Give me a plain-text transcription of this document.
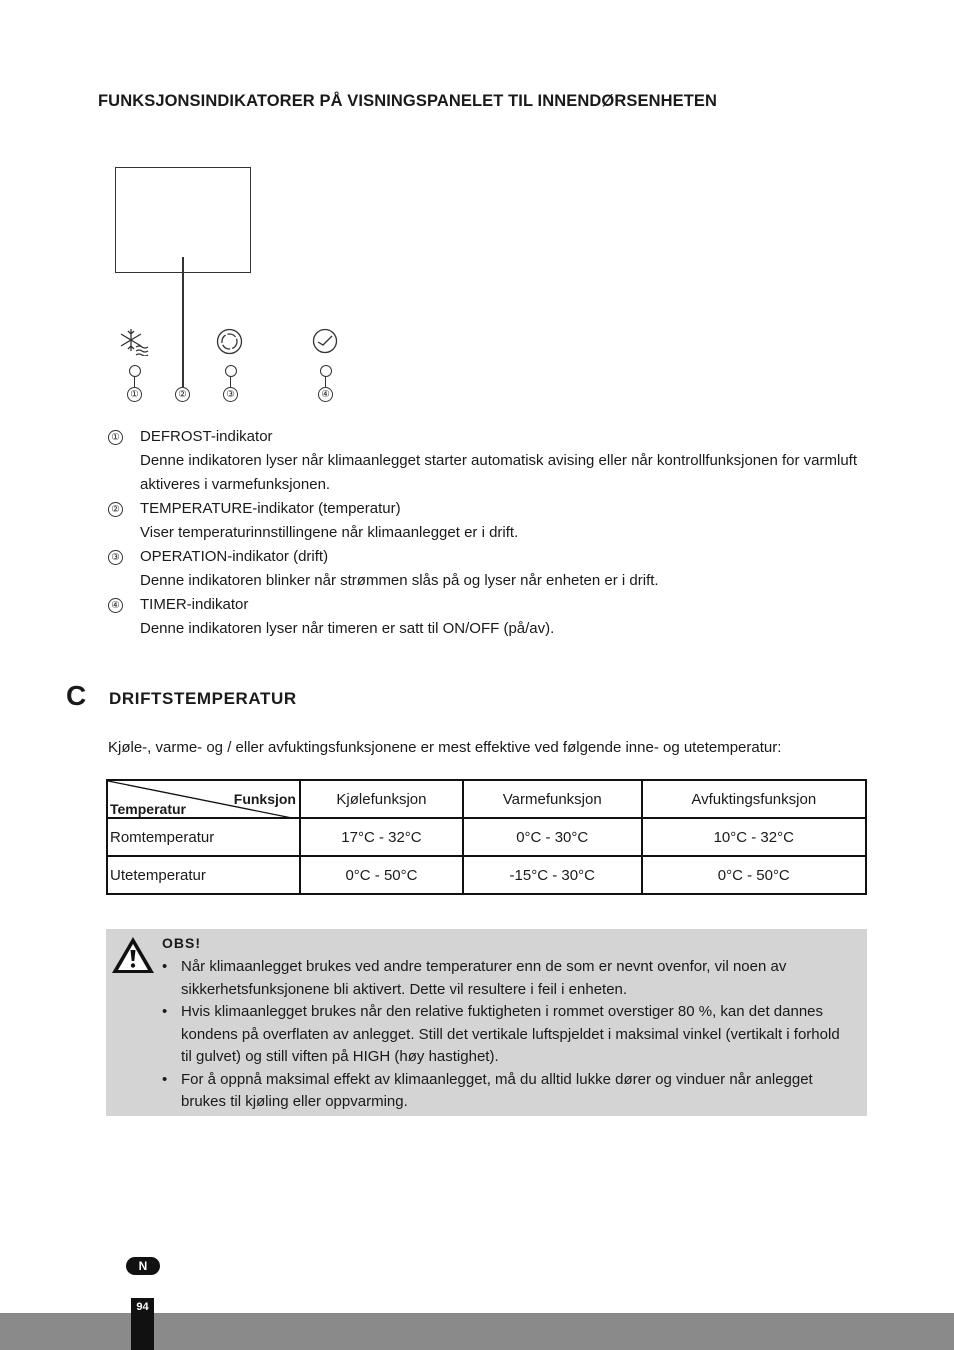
FUNKSJONSINDIKATORER PÅ VISNINGSPANELET TIL INNENDØRSENHETEN
①	②	③	④
① DEFROST-indikator
Denne indikatoren lyser når klimaanlegget starter automatisk avising eller når kontrollfunksjonen for varmluft aktiveres i varmefunksjonen.
② TEMPERATURE-indikator (temperatur)
Viser temperaturinnstillingene når klimaanlegget er i drift.
③ OPERATION-indikator (drift)
Denne indikatoren blinker når strømmen slås på og lyser når enheten er i drift.
④ TIMER-indikator
Denne indikatoren lyser når timeren er satt til ON/OFF (på/av).
C DRIFTSTEMPERATUR
Kjøle-, varme- og / eller avfuktingsfunksjonene er mest effektive ved følgende inne- og utetemperatur:
Funksjon
Temperatur	Kjølefunksjon	Varmefunksjon	Avfuktingsfunksjon
Romtemperatur	17°C - 32°C	0°C - 30°C	10°C - 32°C
Utetemperatur	0°C - 50°C	-15°C - 30°C	0°C - 50°C
OBS!
• Når klimaanlegget brukes ved andre temperaturer enn de som er nevnt ovenfor, vil noen av sikkerhetsfunksjonene bli aktivert. Dette vil resultere i feil i enheten.
• Hvis klimaanlegget brukes når den relative fuktigheten i rommet overstiger 80 %, kan det dannes kondens på overflaten av anlegget. Still det vertikale luftspjeldet i maksimal vinkel (vertikalt i forhold til gulvet) og still viften på HIGH (høy hastighet).
• For å oppnå maksimal effekt av klimaanlegget, må du alltid lukke dører og vinduer når anlegget brukes til kjøling eller oppvarming.
N
94
